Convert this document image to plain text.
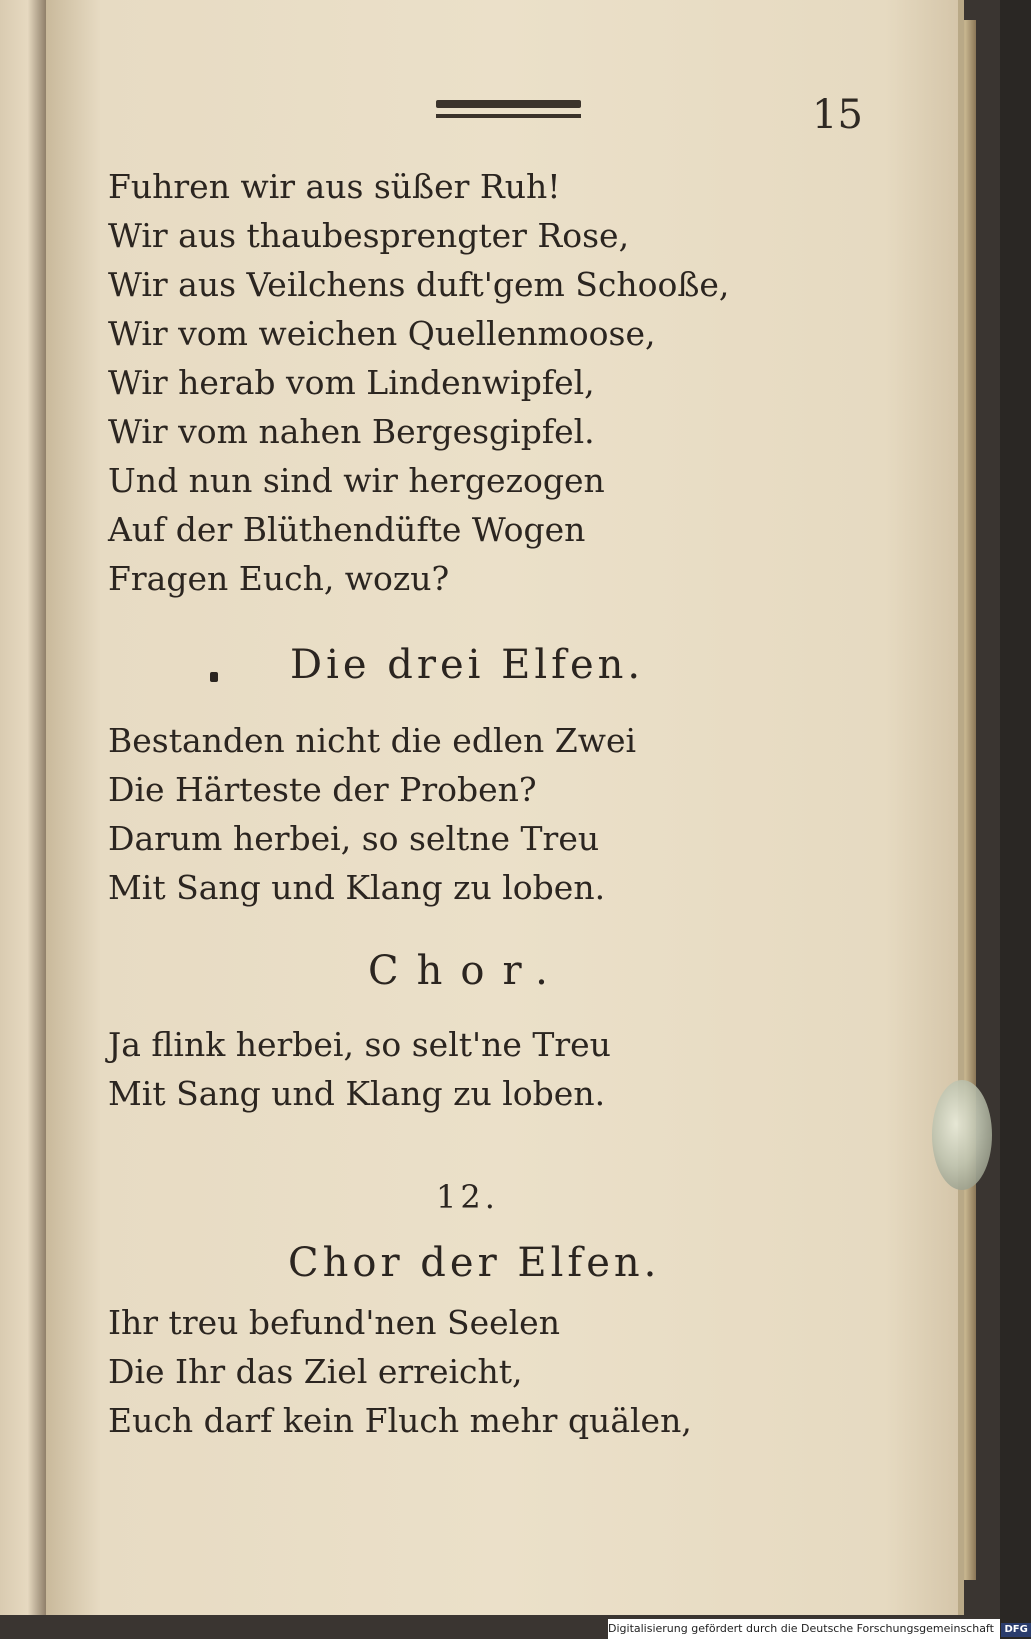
15
Fuhren wir aus süßer Ruh!
Wir aus thaubesprengter Rose,
Wir aus Veilchens duft'gem Schooße,
Wir vom weichen Quellenmoose,
Wir herab vom Lindenwipfel,
Wir vom nahen Bergesgipfel.
Und nun sind wir hergezogen
Auf der Blüthendüfte Wogen
Fragen Euch, wozu?
Die drei Elfen.
Bestanden nicht die edlen Zwei
Die Härteste der Proben?
Darum herbei, so seltne Treu
Mit Sang und Klang zu loben.
Chor.
Ja flink herbei, so selt'ne Treu
Mit Sang und Klang zu loben.
12.
Chor der Elfen.
Ihr treu befund'nen Seelen
Die Ihr das Ziel erreicht,
Euch darf kein Fluch mehr quälen,
Digitalisierung gefördert durch die Deutsche Forschungsgemeinschaft DFG
